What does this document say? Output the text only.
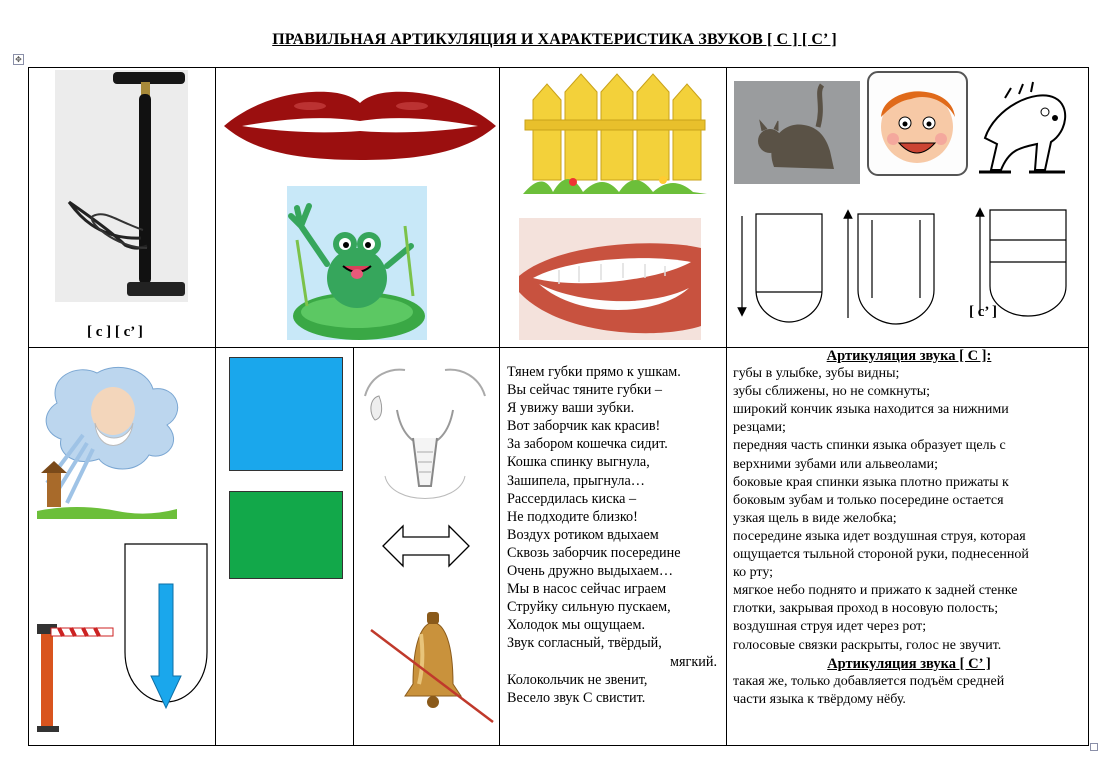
ПРАВИЛЬНАЯ АРТИКУЛЯЦИЯ И ХАРАКТЕРИСТИКА ЗВУКОВ [ С ] [ С’ ]
✥
[ с ] [ с’ ]
[ с’ ]
Тянем губки прямо к ушкам.
Вы сейчас тяните губки –
Я увижу ваши зубки.
Вот заборчик как красив!
За забором кошечка сидит.
Кошка спинку выгнула,
Зашипела, прыгнула…
Рассердилась киска –
Не подходите близко!
Воздух ротиком вдыхаем
Сквозь заборчик посередине
Очень дружно выдыхаем…
Мы в насос сейчас играем
Струйку сильную пускаем,
Холодок мы ощущаем.
Звук согласный, твёрдый,
мягкий.
Колокольчик не звенит,
Весело звук С свистит.
Артикуляция звука [ С ]:
губы в улыбке, зубы видны;
зубы сближены, но не сомкнуты;
широкий кончик языка находится за нижними
резцами;
передняя часть спинки языка образует щель с
верхними зубами или альвеолами;
боковые края спинки языка плотно прижаты к
боковым зубам и только посередине остается
узкая щель в виде желобка;
посередине языка идет воздушная струя, которая
ощущается тыльной стороной руки, поднесенной
ко рту;
мягкое небо поднято и прижато к задней стенке
глотки, закрывая проход в носовую полость;
воздушная струя идет через рот;
голосовые связки раскрыты, голос не звучит.
Артикуляция звука [ С’ ]
такая же, только добавляется подъём средней
части языка к твёрдому нёбу.
